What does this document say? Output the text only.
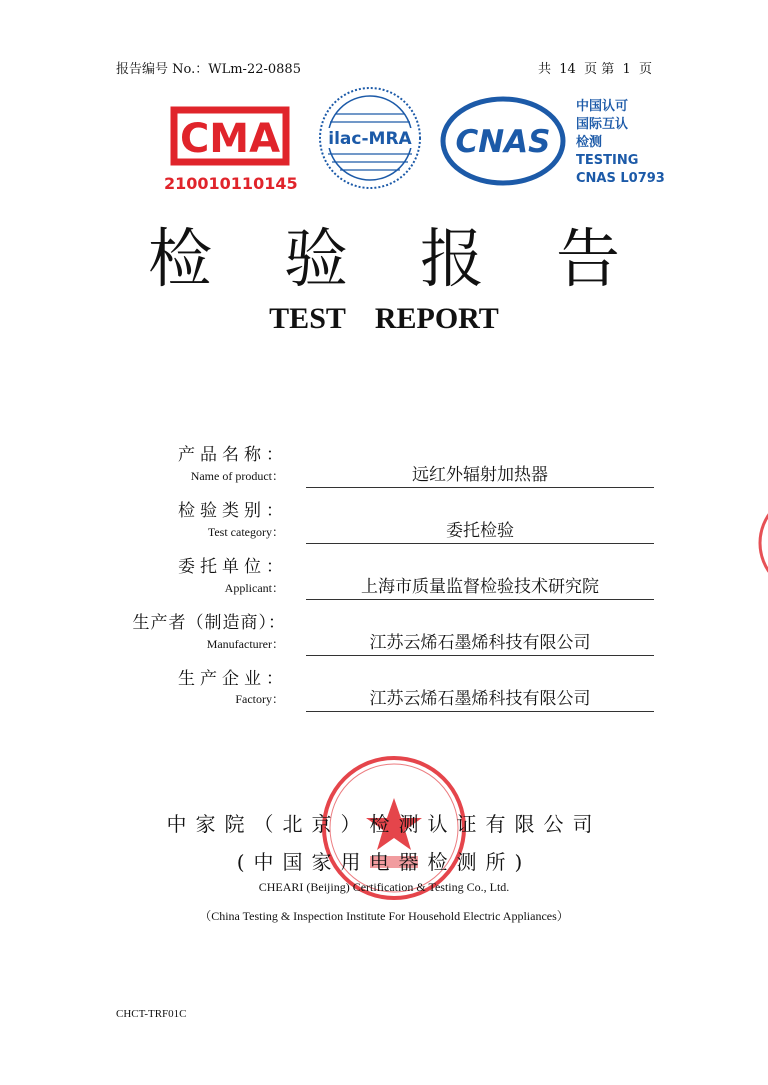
报告编号 No.：WLm-22-0885	共  14  页 第  1  页
CMA
210010110145
ilac-MRA CNAS
中国认可
国际互认
检测
TESTING
CNAS L0793
检验报告
TEST REPORT
产品名称：
Name of product：	远红外辐射加热器
检验类别：
Test category：	委托检验
委托单位：
Applicant：	上海市质量监督检验技术研究院
生产者（制造商）：
Manufacturer：	江苏云烯石墨烯科技有限公司
生产企业：
Factory：	江苏云烯石墨烯科技有限公司
中家院（北京）检测认证有限公司
(中国家用电器检测所)
CHEARI (Beijing) Certification & Testing Co., Ltd.
（China Testing & Inspection Institute For Household Electric Appliances）
CHCT-TRF01C
